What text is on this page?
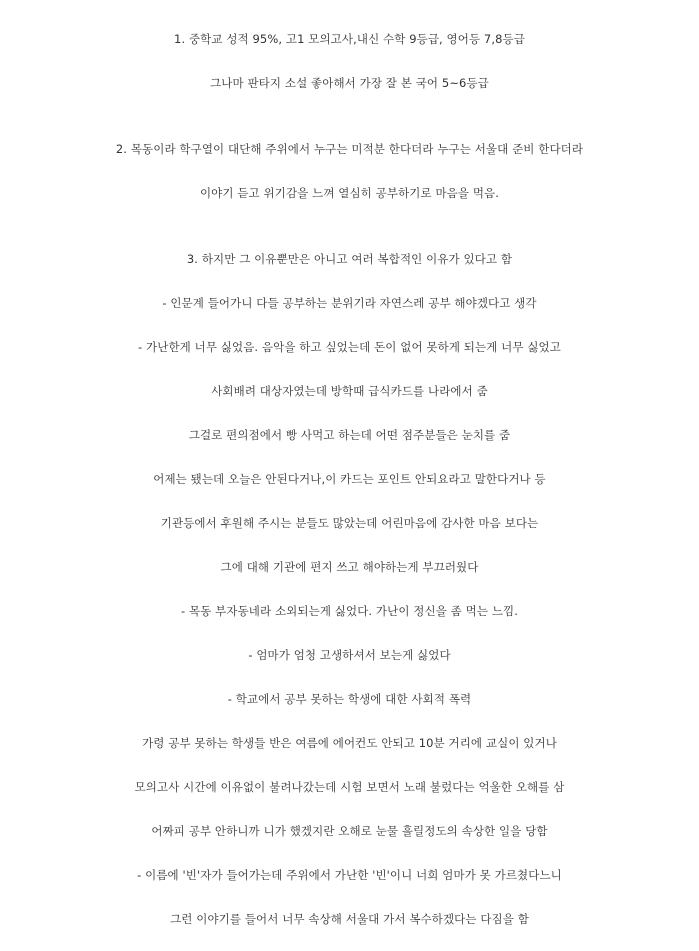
1. 중학교 성적 95%, 고1 모의고사,내신 수학 9등급, 영어등 7,8등급
그나마 판타지 소설 좋아해서 가장 잘 본 국어 5~6등급
2. 목동이라 학구열이 대단해 주위에서 누구는 미적분 한다더라 누구는 서울대 준비 한다더라
이야기 듣고 위기감을 느껴 열심히 공부하기로 마음을 먹음.
3. 하지만 그 이유뿐만은 아니고 여러 복합적인 이유가 있다고 함
- 인문계 들어가니 다들 공부하는 분위기라 자연스레 공부 해야겠다고 생각
- 가난한게 너무 싫었음. 음악을 하고 싶었는데 돈이 없어 못하게 되는게 너무 싫었고
사회배려 대상자였는데 방학때 급식카드를 나라에서 줌
그걸로 편의점에서 빵 사먹고 하는데 어떤 점주분들은 눈치를 줌
어제는 됐는데 오늘은 안된다거나,이 카드는 포인트 안되요라고 말한다거나 등
기관등에서 후원해 주시는 분들도 많았는데 어린마음에 감사한 마음 보다는
그에 대해 기관에 편지 쓰고 해야하는게 부끄러웠다
- 목동 부자동네라 소외되는게 싫었다. 가난이 정신을 좀 먹는 느낌.
- 엄마가 엄청 고생하셔서 보는게 싫었다
- 학교에서 공부 못하는 학생에 대한 사회적 폭력
가령 공부 못하는 학생들 반은 여름에 에어컨도 안되고 10분 거리에 교실이 있거나
모의고사 시간에 이유없이 불려나갔는데 시험 보면서 노래 불렀다는 억울한 오해를 삼
어짜피 공부 안하니까 니가 했겠지란 오해로 눈물 흘릴정도의 속상한 일을 당함
- 이름에 '빈'자가 들어가는데 주위에서 가난한 '빈'이니 너희 엄마가 못 가르쳤다느니
그런 이야기를 들어서 너무 속상해 서울대 가서 복수하겠다는 다짐을 함
